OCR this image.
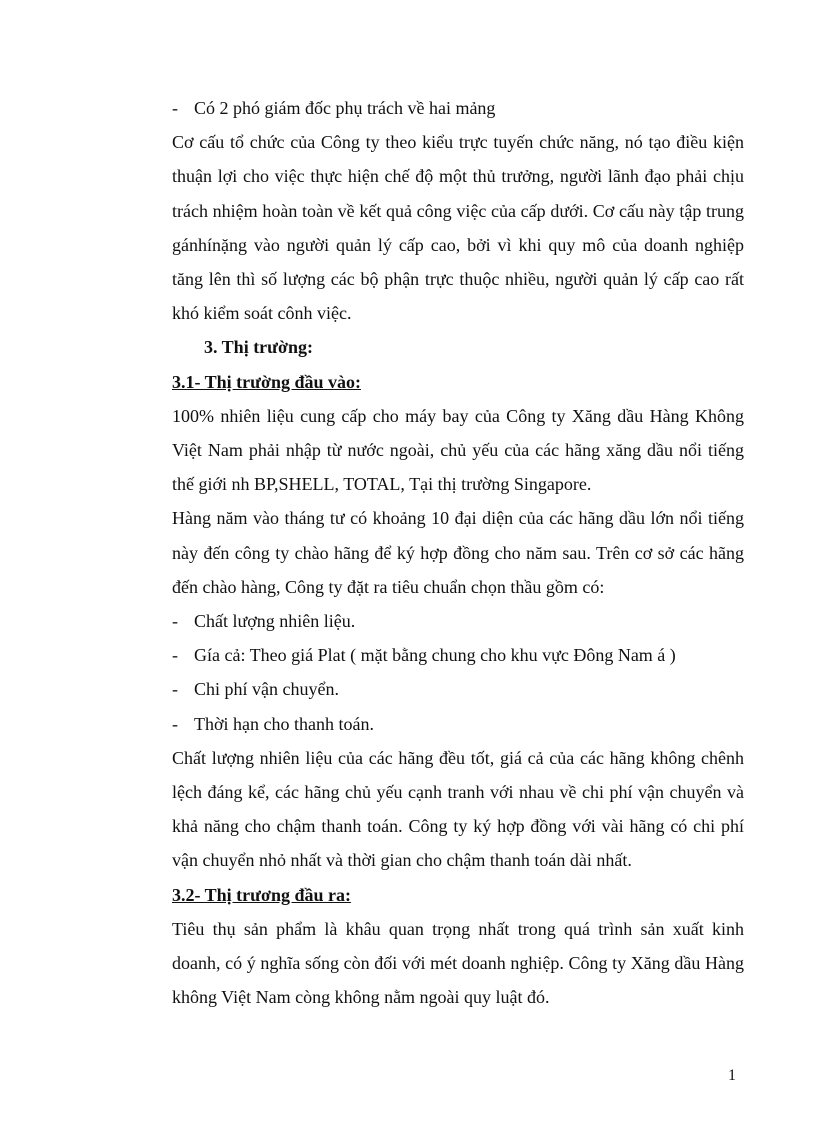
- Có 2 phó giám đốc phụ trách về hai mảng

Cơ cấu tổ chức của Công ty theo kiểu trực tuyến chức năng, nó tạo điều kiện thuận lợi cho việc thực hiện chế độ một thủ trưởng, người lãnh đạo phải chịu trách nhiệm hoàn toàn về kết quả công việc của cấp dưới. Cơ cấu này tập trung gánhínặng vào người quản lý cấp cao, bởi vì khi quy mô của doanh nghiệp tăng lên thì số lượng các bộ phận trực thuộc nhiều, người quản lý cấp cao rất khó kiểm soát cônh việc.

3. Thị trường:

3.1- Thị trường đầu vào:

100% nhiên liệu cung cấp cho máy bay của Công ty Xăng dầu Hàng Không Việt Nam phải nhập từ nước ngoài, chủ yếu của các hãng xăng dầu nổi tiếng thế giới nh BP,SHELL, TOTAL, Tại thị trường Singapore.

Hàng năm vào tháng tư có khoảng 10 đại diện của các hãng dầu lớn nổi tiếng này đến công ty chào hãng để ký hợp đồng cho năm sau. Trên cơ sở các hãng đến chào hàng, Công ty đặt ra tiêu chuẩn chọn thầu gồm có:

- Chất lượng nhiên liệu.
- Gía cả: Theo giá Plat ( mặt bằng chung cho khu vực Đông Nam á )
- Chi phí vận chuyển.
- Thời hạn cho thanh toán.

Chất lượng nhiên liệu của các hãng đều tốt, giá cả của các hãng không chênh lệch đáng kể, các hãng chủ yếu cạnh tranh với nhau về chi phí vận chuyển và khả năng cho chậm thanh toán. Công ty ký hợp đồng với vài hãng có chi phí vận chuyển nhỏ nhất và thời gian cho chậm thanh toán dài nhất.

3.2- Thị trương đầu ra:

Tiêu thụ sản phẩm là khâu quan trọng nhất trong quá trình sản xuất kinh doanh, có ý nghĩa sống còn đối với mét doanh nghiệp. Công ty Xăng dầu Hàng không Việt Nam còng không nằm ngoài quy luật đó.

1
